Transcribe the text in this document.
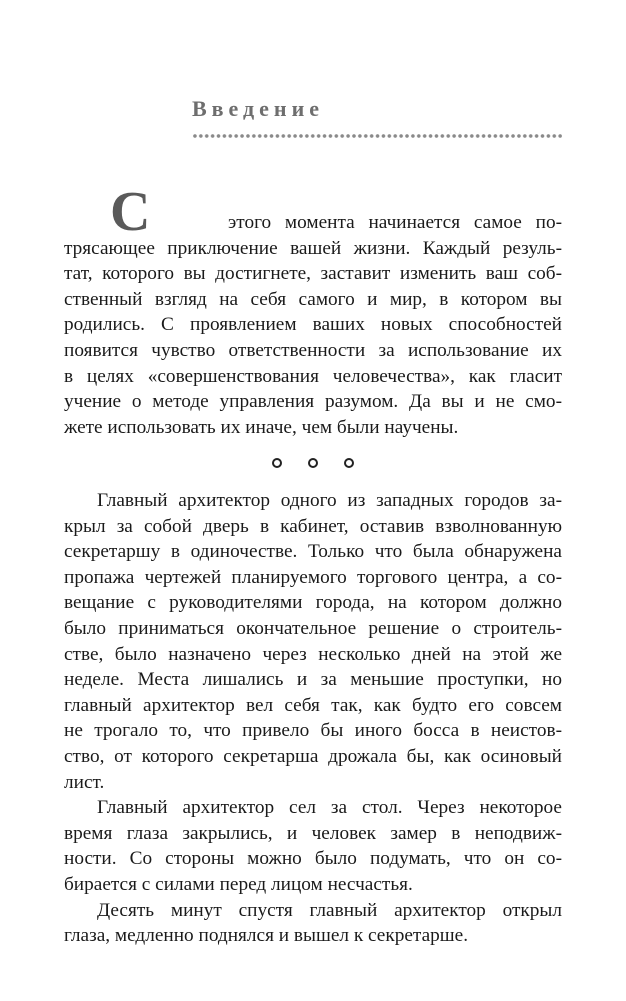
Введение
С	этого момента начинается самое по-
трясающее приключение вашей жизни. Каждый резуль-
тат, которого вы достигнете, заставит изменить ваш соб-
ственный взгляд на себя самого и мир, в котором вы
родились. С проявлением ваших новых способностей
появится чувство ответственности за использование их
в целях «совершенствования человечества», как гласит
учение о методе управления разумом. Да вы и не смо-
жете использовать их иначе, чем были научены.
Главный архитектор одного из западных городов за-
крыл за собой дверь в кабинет, оставив взволнованную
секретаршу в одиночестве. Только что была обнаружена
пропажа чертежей планируемого торгового центра, а со-
вещание с руководителями города, на котором должно
было приниматься окончательное решение о строитель-
стве, было назначено через несколько дней на этой же
неделе. Места лишались и за меньшие проступки, но
главный архитектор вел себя так, как будто его совсем
не трогало то, что привело бы иного босса в неистов-
ство, от которого секретарша дрожала бы, как осиновый
лист.
Главный архитектор сел за стол. Через некоторое
время глаза закрылись, и человек замер в неподвиж-
ности. Со стороны можно было подумать, что он со-
бирается с силами перед лицом несчастья.
Десять минут спустя главный архитектор открыл
глаза, медленно поднялся и вышел к секретарше.
